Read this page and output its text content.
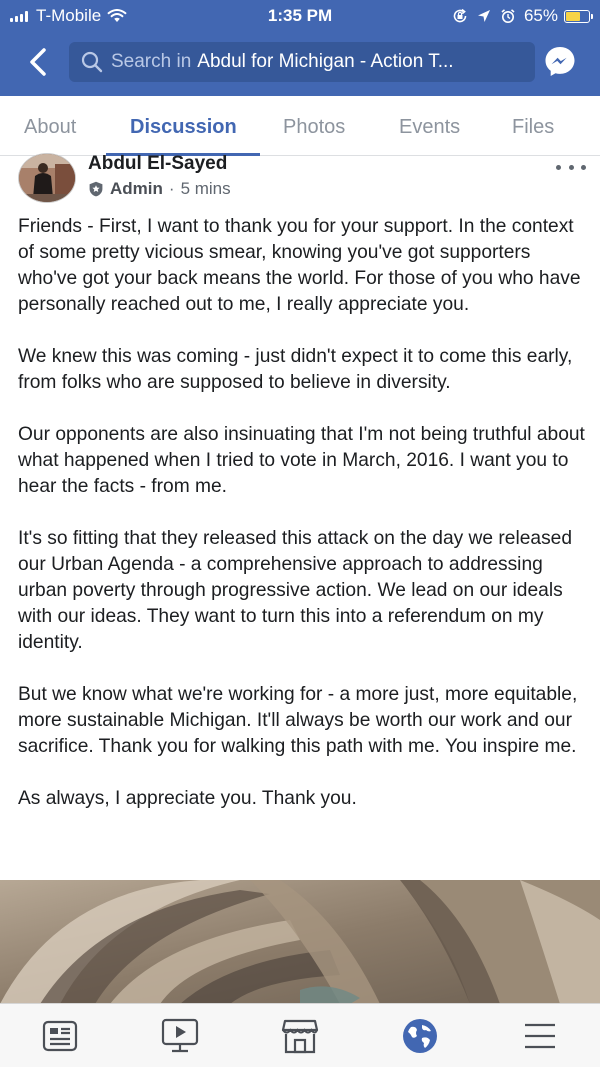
T-Mobile	1:35 PM	65%
Search in Abdul for Michigan - Action T...
About	Discussion Photos	Events	Files
Abdul El-Sayed
Admin · 5 mins

Friends - First, I want to thank you for your support. In the context of some pretty vicious smear, knowing you've got supporters who've got your back means the world. For those of you who have personally reached out to me, I really appreciate you.

We knew this was coming - just didn't expect it to come this early, from folks who are supposed to believe in diversity.

Our opponents are also insinuating that I'm not being truthful about what happened when I tried to vote in March, 2016. I want you to hear the facts - from me.

It's so fitting that they released this attack on the day we released our Urban Agenda - a comprehensive approach to addressing urban poverty through progressive action. We lead on our ideals with our ideas. They want to turn this into a referendum on my identity.

But we know what we're working for - a more just, more equitable, more sustainable Michigan. It'll always be worth our work and our sacrifice. Thank you for walking this path with me. You inspire me.

As always, I appreciate you. Thank you.
